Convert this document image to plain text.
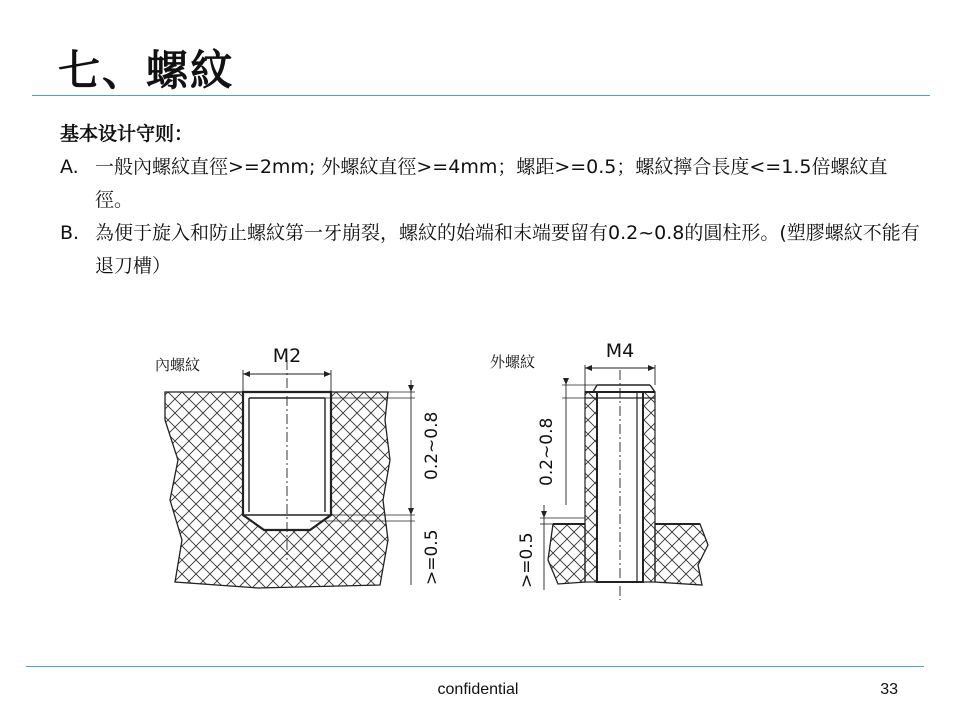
七、螺紋
基本设计守则：
A. 一般內螺紋直徑>=2mm; 外螺紋直徑>=4mm；螺距>=0.5；螺紋擰合長度<=1.5倍螺紋直徑。
B. 為便于旋入和防止螺紋第一牙崩裂，螺紋的始端和末端要留有0.2~0.8的圓柱形。(塑膠螺紋不能有退刀槽）
內螺紋	M2
0.2~0.8
>=0.5
外螺紋	M4
0.2~0.8
>=0.5
confidential	33
